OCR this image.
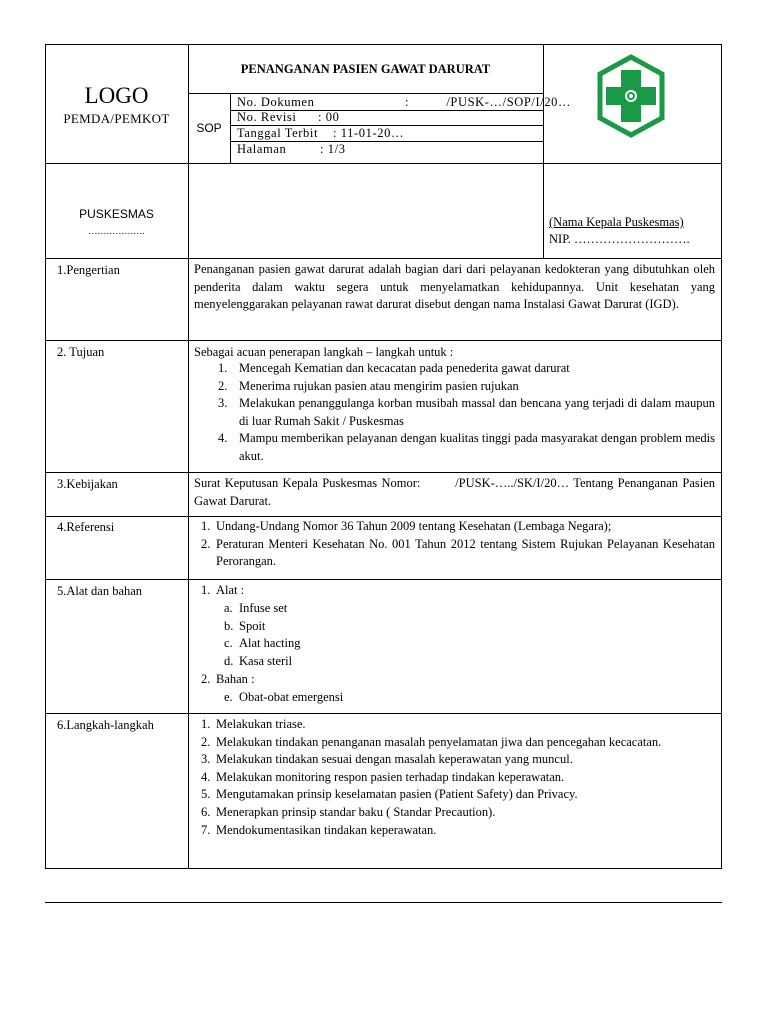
LOGO
PEMDA/PEMKOT
PENANGANAN PASIEN GAWAT DARURAT
SOP
No. Dokumen	:          /PUSK-…/SOP/I/20…
No. Revisi : 00
Tanggal Terbit : 11-01-20…
Halaman	: 1/3
PUSKESMAS
……………….
(Nama Kepala Puskesmas)
NIP. ……………………….
1.Pengertian	Penanganan pasien gawat darurat adalah bagian dari dari pelayanan kedokteran yang dibutuhkan oleh penderita dalam waktu segera untuk menyelamatkan kehidupannya. Unit kesehatan yang menyelenggarakan pelayanan rawat darurat disebut dengan nama Instalasi Gawat Darurat (IGD).
2. Tujuan	Sebagai acuan penerapan langkah – langkah untuk :
1. Mencegah Kematian dan kecacatan pada penederita gawat darurat
2. Menerima rujukan pasien atau mengirim pasien rujukan
3. Melakukan penanggulanga korban musibah massal dan bencana yang terjadi di dalam maupun di luar Rumah Sakit / Puskesmas
4. Mampu memberikan pelayanan dengan kualitas tinggi pada masyarakat dengan problem medis akut.
3.Kebijakan	Surat Keputusan Kepala Puskesmas Nomor:        /PUSK-…../SK/I/20… Tentang Penanganan Pasien Gawat Darurat.
4.Referensi	1. Undang-Undang Nomor 36 Tahun 2009 tentang Kesehatan (Lembaga Negara);
2. Peraturan Menteri Kesehatan No. 001 Tahun 2012 tentang Sistem Rujukan Pelayanan Kesehatan Perorangan.
5.Alat dan bahan	1. Alat :
a. Infuse set
b. Spoit
c. Alat hacting
d. Kasa steril
2. Bahan :
e. Obat-obat emergensi
6.Langkah-langkah	1. Melakukan triase.
2. Melakukan tindakan penanganan masalah penyelamatan jiwa dan pencegahan kecacatan.
3. Melakukan tindakan sesuai dengan masalah keperawatan yang muncul.
4. Melakukan monitoring respon pasien terhadap tindakan keperawatan.
5. Mengutamakan prinsip keselamatan pasien (Patient Safety) dan Privacy.
6. Menerapkan prinsip standar baku ( Standar Precaution).
7. Mendokumentasikan tindakan keperawatan.
